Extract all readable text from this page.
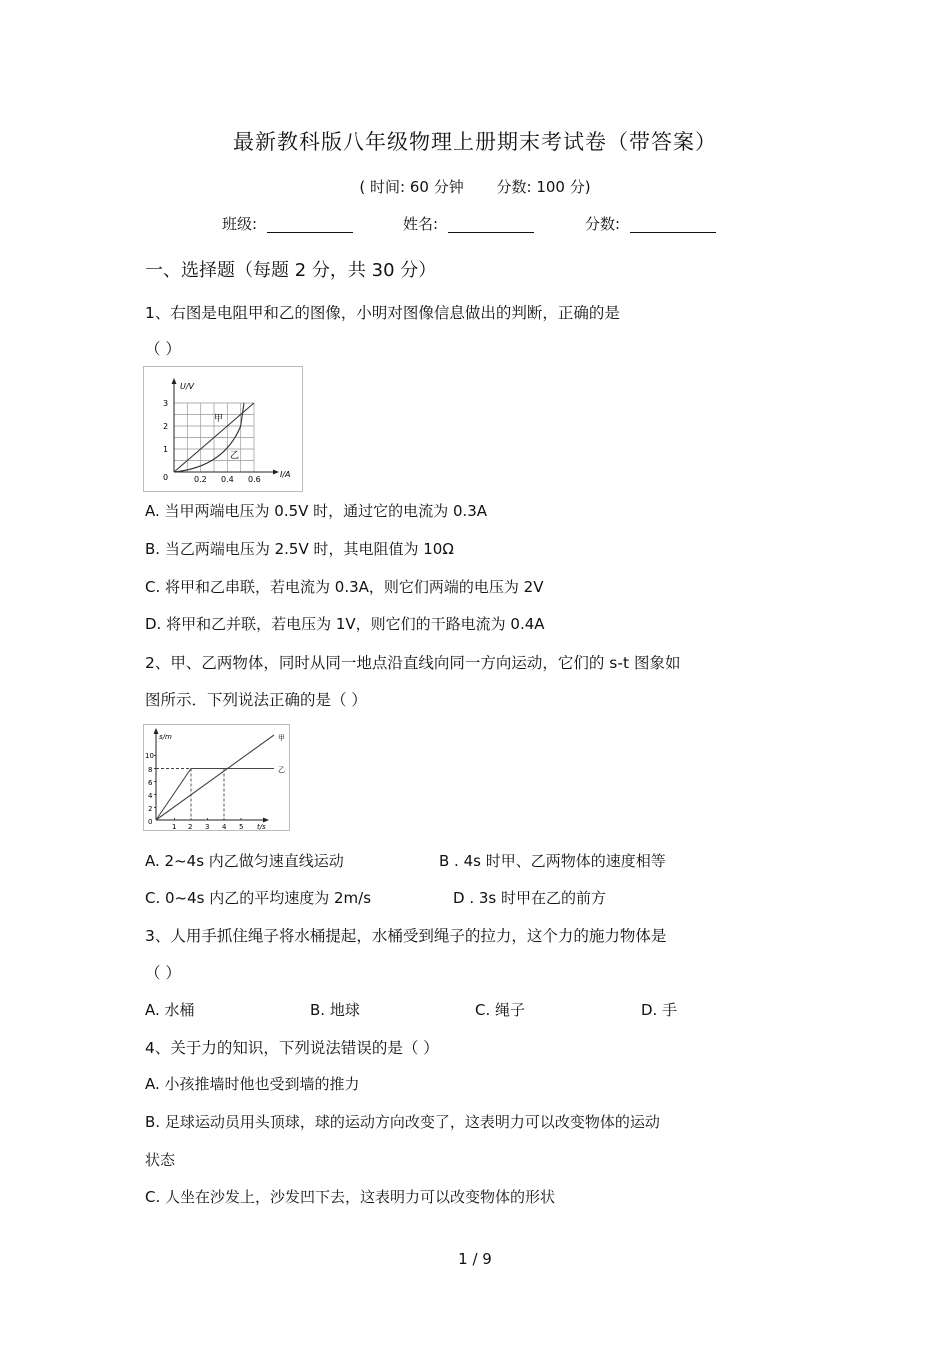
最新教科版八年级物理上册期末考试卷（带答案）
( 时间: 60 分钟 分数: 100 分)
班级:	姓名:	分数:
一、选择题（每题 2 分，共 30 分）
1、右图是电阻甲和乙的图像，小明对图像信息做出的判断，正确的是
（ ）
U/V
I/A
3
2
1
0	0.2 0.4 0.6
甲
乙
A. 当甲两端电压为 0.5V 时，通过它的电流为 0.3A
B. 当乙两端电压为 2.5V 时，其电阻值为 10Ω
C. 将甲和乙串联，若电流为 0.3A，则它们两端的电压为 2V
D. 将甲和乙并联，若电压为 1V，则它们的干路电流为 0.4A
2、甲、乙两物体，同时从同一地点沿直线向同一方向运动，它们的 s-t 图象如
图所示．下列说法正确的是（ ）
s/m
t/s
10
8
6
4
2
0
1 2 3 4 5
甲
乙
A. 2~4s 内乙做匀速直线运动	B . 4s 时甲、乙两物体的速度相等
C. 0~4s 内乙的平均速度为 2m/s	D . 3s 时甲在乙的前方
3、人用手抓住绳子将水桶提起，水桶受到绳子的拉力，这个力的施力物体是
（ ）
A. 水桶	B. 地球	C. 绳子	D. 手
4、关于力的知识，下列说法错误的是（ ）
A. 小孩推墙时他也受到墙的推力
B. 足球运动员用头顶球，球的运动方向改变了，这表明力可以改变物体的运动
状态
C. 人坐在沙发上，沙发凹下去，这表明力可以改变物体的形状
1 / 9
